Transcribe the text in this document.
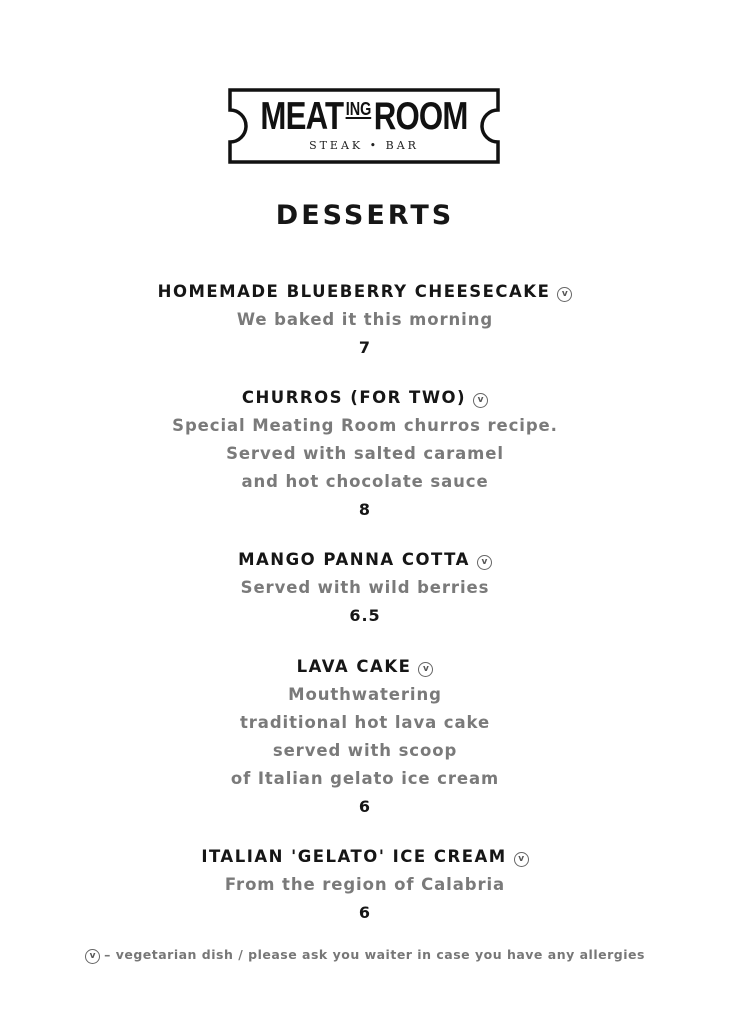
MEAT INGROOM
STEAK • BAR
DESSERTS
HOMEMADE BLUEBERRY CHEESECAKE v
We baked it this morning
7
CHURROS (FOR TWO) v
Special Meating Room churros recipe.
Served with salted caramel
and hot chocolate sauce
8
MANGO PANNA COTTA v
Served with wild berries
6.5
LAVA CAKE v
Mouthwatering
traditional hot lava cake
served with scoop
of Italian gelato ice cream
6
ITALIAN 'GELATO' ICE CREAM v
From the region of Calabria
6
v – vegetarian dish / please ask you waiter in case you have any allergies
